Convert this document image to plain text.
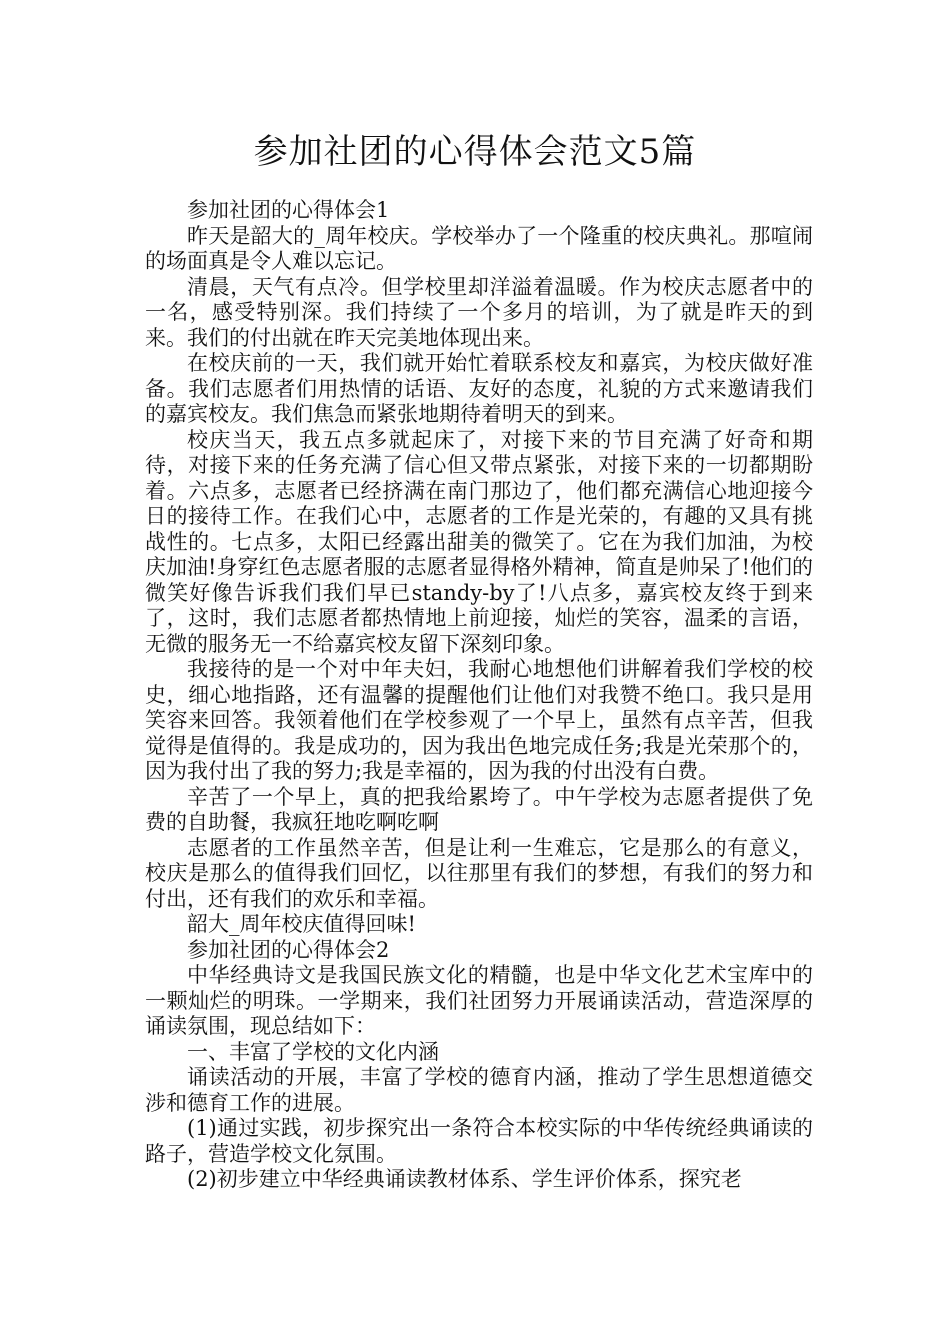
参加社团的心得体会范文5篇

参加社团的心得体会1

昨天是韶大的_周年校庆。学校举办了一个隆重的校庆典礼。那喧闹的场面真是令人难以忘记。

清晨，天气有点冷。但学校里却洋溢着温暖。作为校庆志愿者中的一名，感受特别深。我们持续了一个多月的培训，为了就是昨天的到来。我们的付出就在昨天完美地体现出来。

在校庆前的一天，我们就开始忙着联系校友和嘉宾，为校庆做好准备。我们志愿者们用热情的话语、友好的态度，礼貌的方式来邀请我们的嘉宾校友。我们焦急而紧张地期待着明天的到来。

校庆当天，我五点多就起床了，对接下来的节目充满了好奇和期待，对接下来的任务充满了信心但又带点紧张，对接下来的一切都期盼着。六点多，志愿者已经挤满在南门那边了，他们都充满信心地迎接今日的接待工作。在我们心中，志愿者的工作是光荣的，有趣的又具有挑战性的。七点多，太阳已经露出甜美的微笑了。它在为我们加油，为校庆加油!身穿红色志愿者服的志愿者显得格外精神，简直是帅呆了!他们的微笑好像告诉我们我们早已standy-by了!八点多，嘉宾校友终于到来了，这时，我们志愿者都热情地上前迎接，灿烂的笑容，温柔的言语，无微的服务无一不给嘉宾校友留下深刻印象。

我接待的是一个对中年夫妇，我耐心地想他们讲解着我们学校的校史，细心地指路，还有温馨的提醒他们让他们对我赞不绝口。我只是用笑容来回答。我领着他们在学校参观了一个早上，虽然有点辛苦，但我觉得是值得的。我是成功的，因为我出色地完成任务;我是光荣那个的，因为我付出了我的努力;我是幸福的，因为我的付出没有白费。

辛苦了一个早上，真的把我给累垮了。中午学校为志愿者提供了免费的自助餐，我疯狂地吃啊吃啊

志愿者的工作虽然辛苦，但是让利一生难忘，它是那么的有意义，校庆是那么的值得我们回忆，以往那里有我们的梦想，有我们的努力和付出，还有我们的欢乐和幸福。

韶大_周年校庆值得回味!

参加社团的心得体会2

中华经典诗文是我国民族文化的精髓，也是中华文化艺术宝库中的一颗灿烂的明珠。一学期来，我们社团努力开展诵读活动，营造深厚的诵读氛围，现总结如下：

一、丰富了学校的文化内涵

诵读活动的开展，丰富了学校的德育内涵，推动了学生思想道德交涉和德育工作的进展。

(1)通过实践，初步探究出一条符合本校实际的中华传统经典诵读的路子，营造学校文化氛围。

(2)初步建立中华经典诵读教材体系、学生评价体系，探究老
